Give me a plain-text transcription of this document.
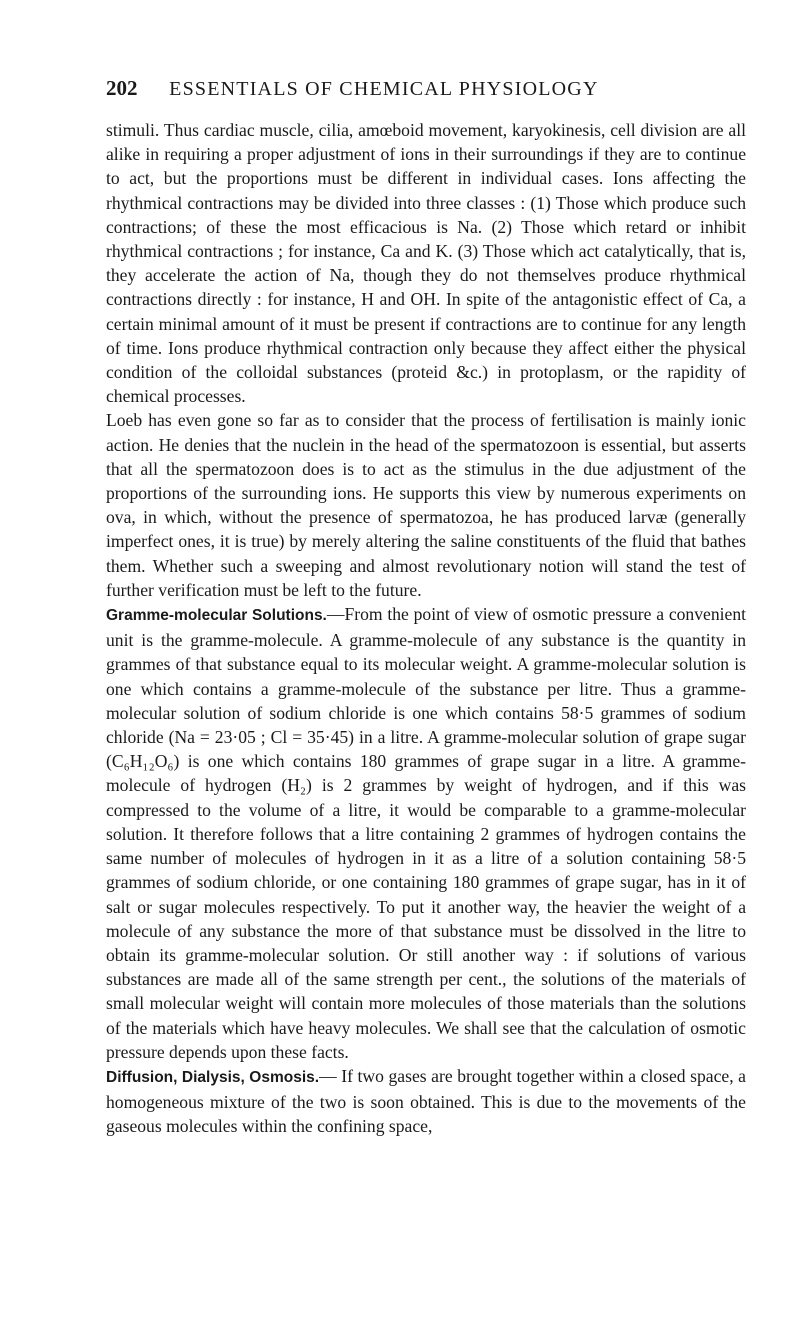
202 ESSENTIALS OF CHEMICAL PHYSIOLOGY

stimuli. Thus cardiac muscle, cilia, amœboid movement, karyokinesis, cell division are all alike in requiring a proper adjustment of ions in their surroundings if they are to continue to act, but the proportions must be different in individual cases. Ions affecting the rhythmical contractions may be divided into three classes : (1) Those which produce such contractions; of these the most efficacious is Na. (2) Those which retard or inhibit rhythmical contractions ; for instance, Ca and K. (3) Those which act catalytically, that is, they accelerate the action of Na, though they do not themselves produce rhythmical contractions directly : for instance, H and OH. In spite of the antagonistic effect of Ca, a certain minimal amount of it must be present if contractions are to continue for any length of time. Ions produce rhythmical contraction only because they affect either the physical condition of the colloidal substances (proteid &c.) in protoplasm, or the rapidity of chemical processes.

Loeb has even gone so far as to consider that the process of fertilisation is mainly ionic action. He denies that the nuclein in the head of the spermatozoon is essential, but asserts that all the spermatozoon does is to act as the stimulus in the due adjustment of the proportions of the surrounding ions. He supports this view by numerous experiments on ova, in which, without the presence of spermatozoa, he has produced larvæ (generally imperfect ones, it is true) by merely altering the saline constituents of the fluid that bathes them. Whether such a sweeping and almost revolutionary notion will stand the test of further verification must be left to the future.

Gramme-molecular Solutions.—From the point of view of osmotic pressure a convenient unit is the gramme-molecule. A gramme-molecule of any substance is the quantity in grammes of that substance equal to its molecular weight. A gramme-molecular solution is one which contains a gramme-molecule of the substance per litre. Thus a gramme-molecular solution of sodium chloride is one which contains 58·5 grammes of sodium chloride (Na = 23·05 ; Cl = 35·45) in a litre. A gramme-molecular solution of grape sugar (C₆H₁₂O₆) is one which contains 180 grammes of grape sugar in a litre. A gramme-molecule of hydrogen (H₂) is 2 grammes by weight of hydrogen, and if this was compressed to the volume of a litre, it would be comparable to a gramme-molecular solution. It therefore follows that a litre containing 2 grammes of hydrogen contains the same number of molecules of hydrogen in it as a litre of a solution containing 58·5 grammes of sodium chloride, or one containing 180 grammes of grape sugar, has in it of salt or sugar molecules respectively. To put it another way, the heavier the weight of a molecule of any substance the more of that substance must be dissolved in the litre to obtain its gramme-molecular solution. Or still another way : if solutions of various substances are made all of the same strength per cent., the solutions of the materials of small molecular weight will contain more molecules of those materials than the solutions of the materials which have heavy molecules. We shall see that the calculation of osmotic pressure depends upon these facts.

Diffusion, Dialysis, Osmosis.— If two gases are brought together within a closed space, a homogeneous mixture of the two is soon obtained. This is due to the movements of the gaseous molecules within the confining space,
